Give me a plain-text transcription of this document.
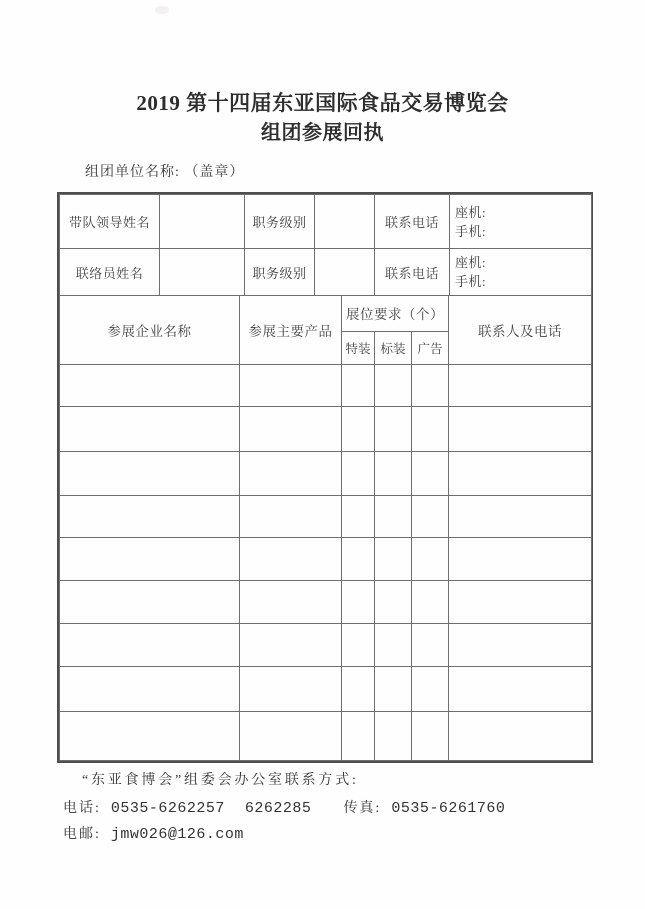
2019 第十四届东亚国际食品交易博览会
组团参展回执
组团单位名称: （盖章）
带队领导姓名		职务级别		联系电话	座机:
手机:

联络员姓名		职务级别		联系电话	座机:
手机:
参展企业名称	参展主要产品	展位要求（个）			联系人及电话
		特装	标装	广告	

“东亚食博会”组委会办公室联系方式:
电话: 0535-6262257 6262285 传真: 0535-6261760
电邮: jmw026@126.com
